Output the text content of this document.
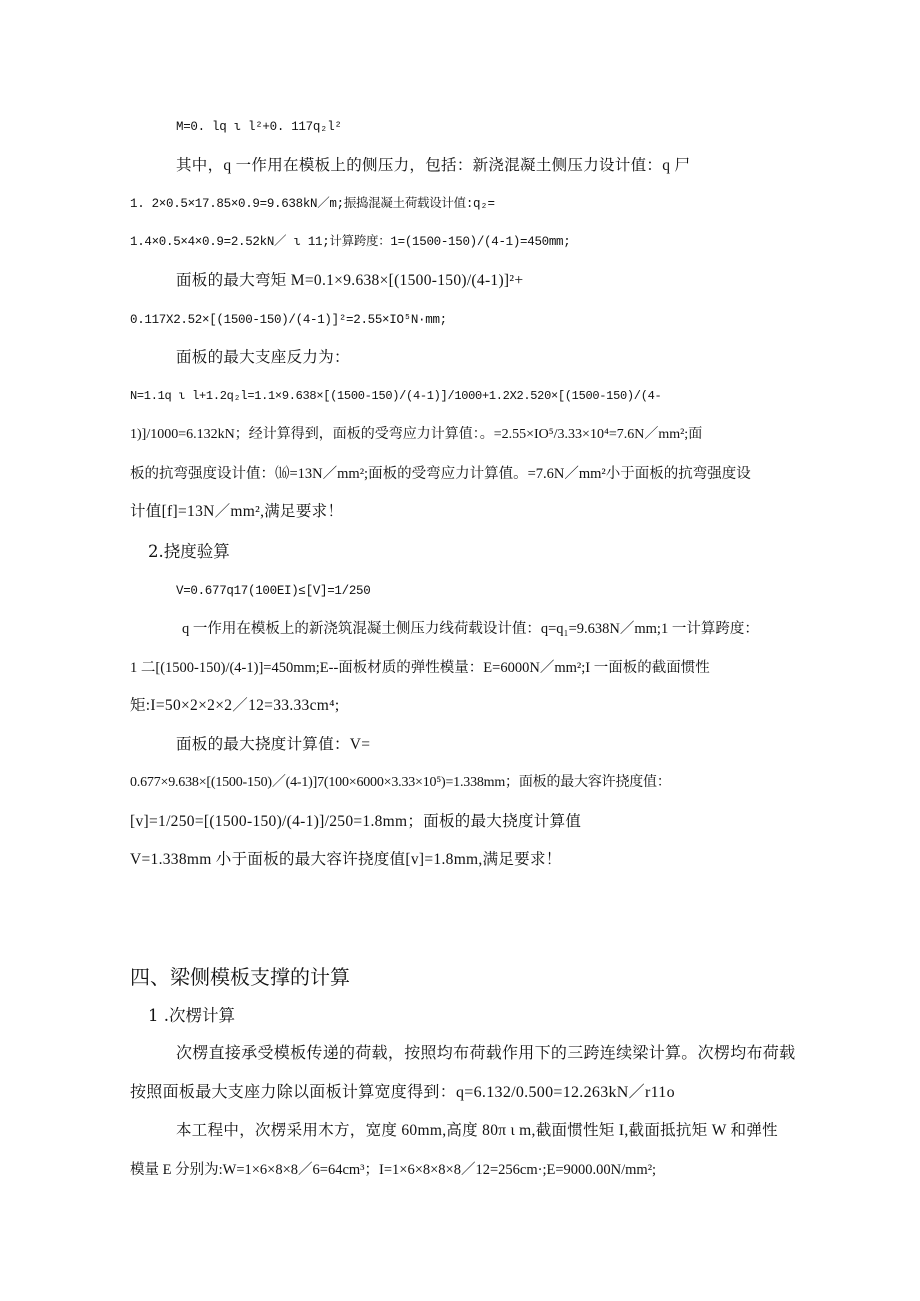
M=0. lq ι l²+0. 117q₂l²
其中，q 一作用在模板上的侧压力，包括：新浇混凝土侧压力设计值：q 尸
1. 2×0.5×17.85×0.9=9.638kN／m;振捣混凝土荷载设计值:q₂=
1.4×0.5×4×0.9=2.52kN／ ι 11;计算跨度：1=(1500-150)/(4-1)=450mm;
面板的最大弯矩 M=0.1×9.638×[(1500-150)/(4-1)]²+
0.117X2.52×[(1500-150)/(4-1)]²=2.55×IO⁵N·mm;
面板的最大支座反力为：
N=1.1q ι l+1.2q₂l=1.1×9.638×[(1500-150)/(4-1)]/1000+1.2X2.520×[(1500-150)/(4-
1)]/1000=6.132kN；经计算得到，面板的受弯应力计算值：。=2.55×IO⁵/3.33×10⁴=7.6N／mm²;面
板的抗弯强度设计值：⒃=13N／mm²;面板的受弯应力计算值。=7.6N／mm²小于面板的抗弯强度设
计值[f]=13N／mm²,满足要求！
2.挠度验算
V=0.677q17(100EI)≤[V]=1/250
q 一作用在模板上的新浇筑混凝土侧压力线荷载设计值：q=q₁=9.638N／mm;1 一计算跨度：
1 二[(1500-150)/(4-1)]=450mm;E--面板材质的弹性模量：E=6000N／mm²;I 一面板的截面惯性
矩:I=50×2×2×2／12=33.33cm⁴;
面板的最大挠度计算值：V=
0.677×9.638×[(1500-150)／(4-1)]7(100×6000×3.33×10⁵)=1.338mm；面板的最大容许挠度值：
[v]=1/250=[(1500-150)/(4-1)]/250=1.8mm；面板的最大挠度计算值
V=1.338mm 小于面板的最大容许挠度值[v]=1.8mm,满足要求！
四、梁侧模板支撑的计算
1 .次楞计算
次楞直接承受模板传递的荷载，按照均布荷载作用下的三跨连续梁计算。次楞均布荷载
按照面板最大支座力除以面板计算宽度得到：q=6.132/0.500=12.263kN／r11o
本工程中，次楞采用木方，宽度 60mm,高度 80π ι m,截面惯性矩 I,截面抵抗矩 W 和弹性
模量 E 分别为:W=1×6×8×8／6=64cm³；I=1×6×8×8×8／12=256cm·;E=9000.00N/mm²;
